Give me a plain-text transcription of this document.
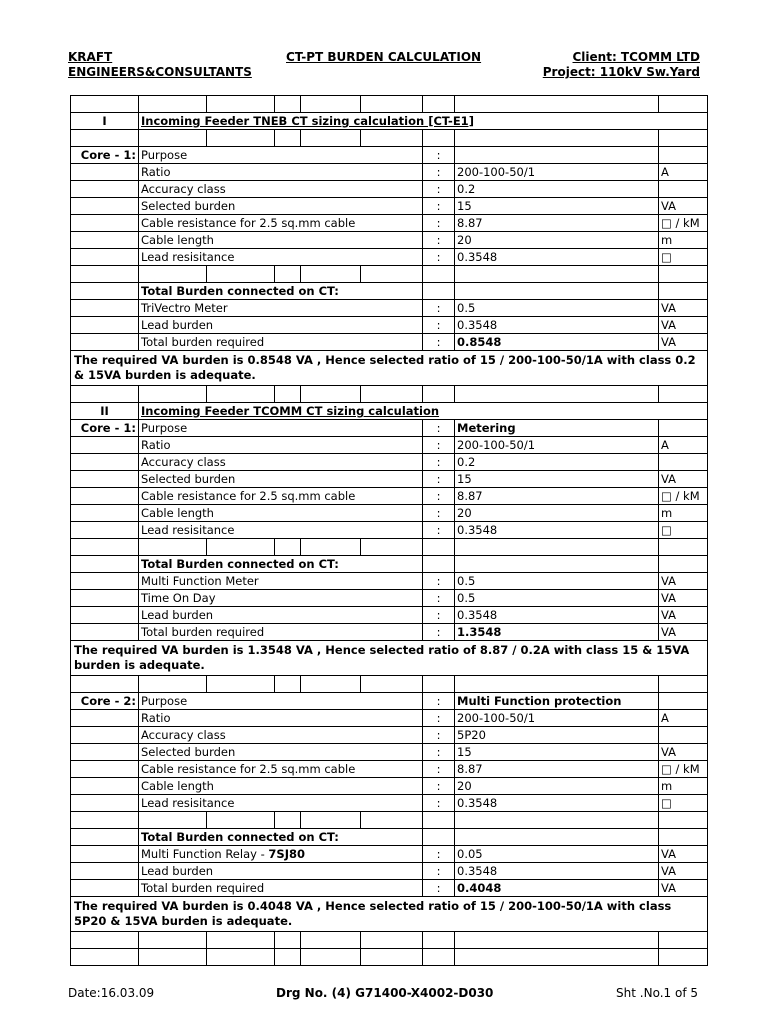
KRAFT
ENGINEERS&CONSULTANTS
CT-PT BURDEN CALCULATION	Client: TCOMM LTD
Project: 110kV Sw.Yard

I	Incoming Feeder TNEB CT sizing calculation [CT-E1]							

Core - 1:	Purpose					:		
	Ratio					:	200-100-50/1	A
	Accuracy class					:	0.2	
	Selected burden					:	15	VA
	Cable resistance for 2.5 sq.mm cable					:	8.87	□ / kM
	Cable length					:	20	m
	Lead resisitance					:	0.3548	□

	Total Burden connected on CT:							
	TriVectro Meter					:	0.5	VA
	Lead burden					:	0.3548	VA
	Total burden required					:	0.8548	VA
The required VA burden is 0.8548 VA , Hence selected ratio of 15 / 200-100-50/1A with class 0.2 & 15VA burden is adequate.								

II	Incoming Feeder TCOMM CT sizing calculation							
Core - 1:	Purpose					:	Metering	
	Ratio					:	200-100-50/1	A
	Accuracy class					:	0.2	
	Selected burden					:	15	VA
	Cable resistance for 2.5 sq.mm cable					:	8.87	□ / kM
	Cable length					:	20	m
	Lead resisitance					:	0.3548	□

	Total Burden connected on CT:							
	Multi Function Meter					:	0.5	VA
	Time On Day					:	0.5	VA
	Lead burden					:	0.3548	VA
	Total burden required					:	1.3548	VA
The required VA burden is 1.3548 VA , Hence selected ratio of 8.87 / 0.2A with class 15 & 15VA burden is adequate.								

Core - 2:	Purpose					:	Multi Function protection	
	Ratio					:	200-100-50/1	A
	Accuracy class					:	5P20	
	Selected burden					:	15	VA
	Cable resistance for 2.5 sq.mm cable					:	8.87	□ / kM
	Cable length					:	20	m
	Lead resisitance					:	0.3548	□

	Total Burden connected on CT:							
	Multi Function Relay - 7SJ80					:	0.05	VA
	Lead burden					:	0.3548	VA
	Total burden required					:	0.4048	VA
The required VA burden is 0.4048 VA , Hence selected ratio of 15 / 200-100-50/1A with class 5P20 & 15VA burden is adequate.								

Date:16.03.09	Drg No. (4) G71400-X4002-D030	Sht .No.1 of 5
